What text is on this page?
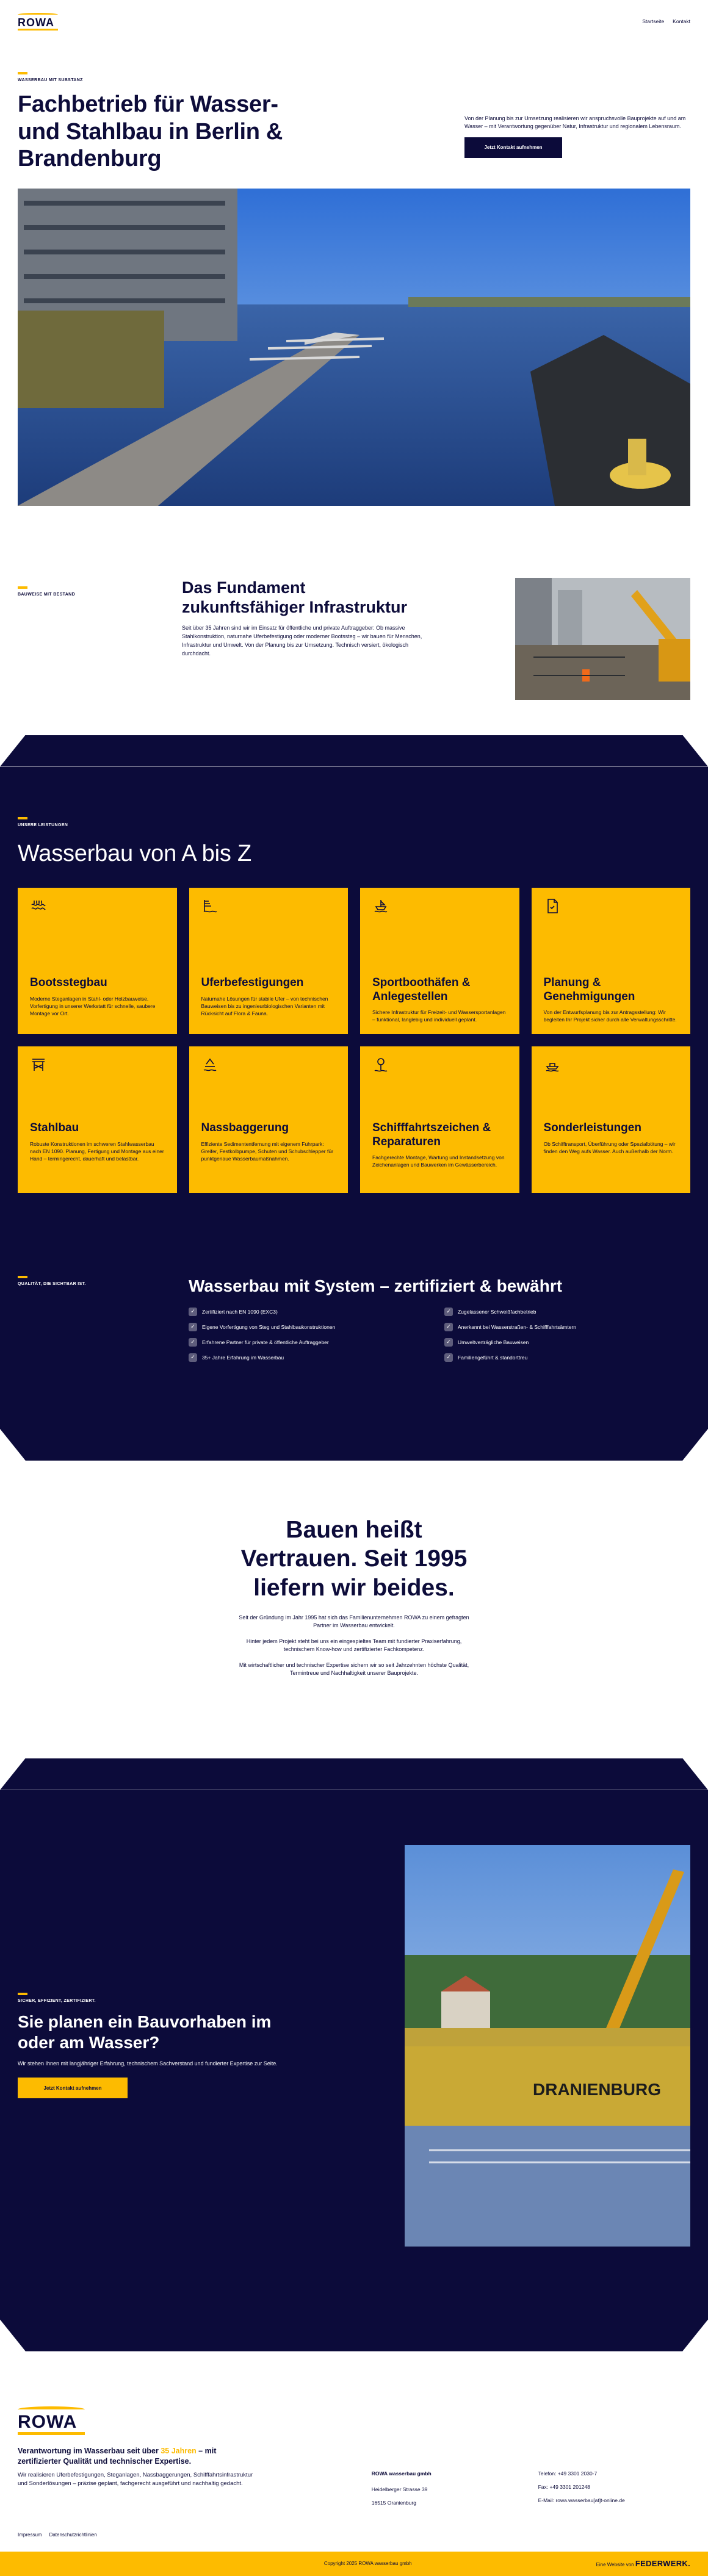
ROWA	Startseite Kontakt
WASSERBAU MIT SUBSTANZ
Fachbetrieb für Wasser- und Stahlbau in Berlin & Brandenburg

Von der Planung bis zur Umsetzung realisieren wir anspruchsvolle Bauprojekte auf und am Wasser – mit Verantwortung gegenüber Natur, Infrastruktur und regionalem Lebensraum.

Jetzt Kontakt aufnehmen
BAUWEISE MIT BESTAND	Das Fundament zukunftsfähiger Infrastruktur

Seit über 35 Jahren sind wir im Einsatz für öffentliche und private Auftraggeber: Ob massive Stahlkonstruktion, naturnahe Uferbefestigung oder moderner Bootssteg – wir bauen für Menschen, Infrastruktur und Umwelt. Von der Planung bis zur Umsetzung. Technisch versiert, ökologisch durchdacht.

UNSERE LEISTUNGEN
Wasserbau von A bis Z
Bootsstegbau

Moderne Steganlagen in Stahl- oder Holzbauweise. Vorfertigung in unserer Werkstatt für schnelle, saubere Montage vor Ort.

Uferbefestigungen

Naturnahe Lösungen für stabile Ufer – von technischen Bauweisen bis zu ingenieurbiologischen Varianten mit Rücksicht auf Flora & Fauna.

Sportboothäfen & Anlegestellen

Sichere Infrastruktur für Freizeit- und Wassersportanlagen – funktional, langlebig und individuell geplant.

Planung & Genehmigungen

Von der Entwurfsplanung bis zur Antragsstellung: Wir begleiten Ihr Projekt sicher durch alle Verwaltungsschritte.

Stahlbau

Robuste Konstruktionen im schweren Stahlwasserbau nach EN 1090. Planung, Fertigung und Montage aus einer Hand – termingerecht, dauerhaft und belastbar.

Nassbaggerung

Effiziente Sedimententfernung mit eigenem Fuhrpark: Greifer, Festkolbpumpe, Schuten und Schubschlepper für punktgenaue Wasserbaumaßnahmen.

Schifffahrtszeichen & Reparaturen

Fachgerechte Montage, Wartung und Instandsetzung von Zeichenanlagen und Bauwerken im Gewässerbereich.

Sonderleistungen

Ob Schifftransport, Überführung oder Spezialbötung – wir finden den Weg aufs Wasser. Auch außerhalb der Norm.

QUALITÄT, DIE SICHTBAR IST.	Wasserbau mit System – zertifiziert & bewährt
✓	Zertifiziert nach EN 1090 (EXC3)	✓	Zugelassener Schweißfachbetrieb
✓	Eigene Vorfertigung von Steg und Stahlbaukonstruktionen	✓	Anerkannt bei Wasserstraßen- & Schifffahrtsämtern
✓	Erfahrene Partner für private & öffentliche Auftraggeber	✓	Umweltverträgliche Bauweisen
✓	35+ Jahre Erfahrung im Wasserbau	✓	Familiengeführt & standorttreu
Bauen heißt Vertrauen. Seit 1995 liefern wir beides.

Seit der Gründung im Jahr 1995 hat sich das Familienunternehmen ROWA zu einem gefragten Partner im Wasserbau entwickelt.

Hinter jedem Projekt steht bei uns ein eingespieltes Team mit fundierter Praxiserfahrung, technischem Know-how und zertifizierter Fachkompetenz.

Mit wirtschaftlicher und technischer Expertise sichern wir so seit Jahrzehnten höchste Qualität, Termintreue und Nachhaltigkeit unserer Bauprojekte.

SICHER, EFFIZIENT, ZERTIFIZIERT.
Sie planen ein Bauvorhaben im oder am Wasser?

Wir stehen Ihnen mit langjähriger Erfahrung, technischem Sachverstand und fundierter Expertise zur Seite.

Jetzt Kontakt aufnehmen	DRANIENBURG
ROWA
Verantwortung im Wasserbau seit über 35 Jahren – mit zertifizierter Qualität und technischer Expertise.

Wir realisieren Uferbefestigungen, Steganlagen, Nassbaggerungen, Schifffahrtsinfrastruktur und Sonderlösungen – präzise geplant, fachgerecht ausgeführt und nachhaltig gedacht.

ROWA wasserbau gmbh
Heidelberger Strasse 39
16515 Oranienburg
Telefon: +49 3301 2030-7
Fax: +49 3301 201248
E-Mail: rowa.wasserbau[at]t-online.de
Impressum Datenschutzrichtlinien
Copyright 2025 ROWA wasserbau gmbh	Eine Website von FEDERWERK.
